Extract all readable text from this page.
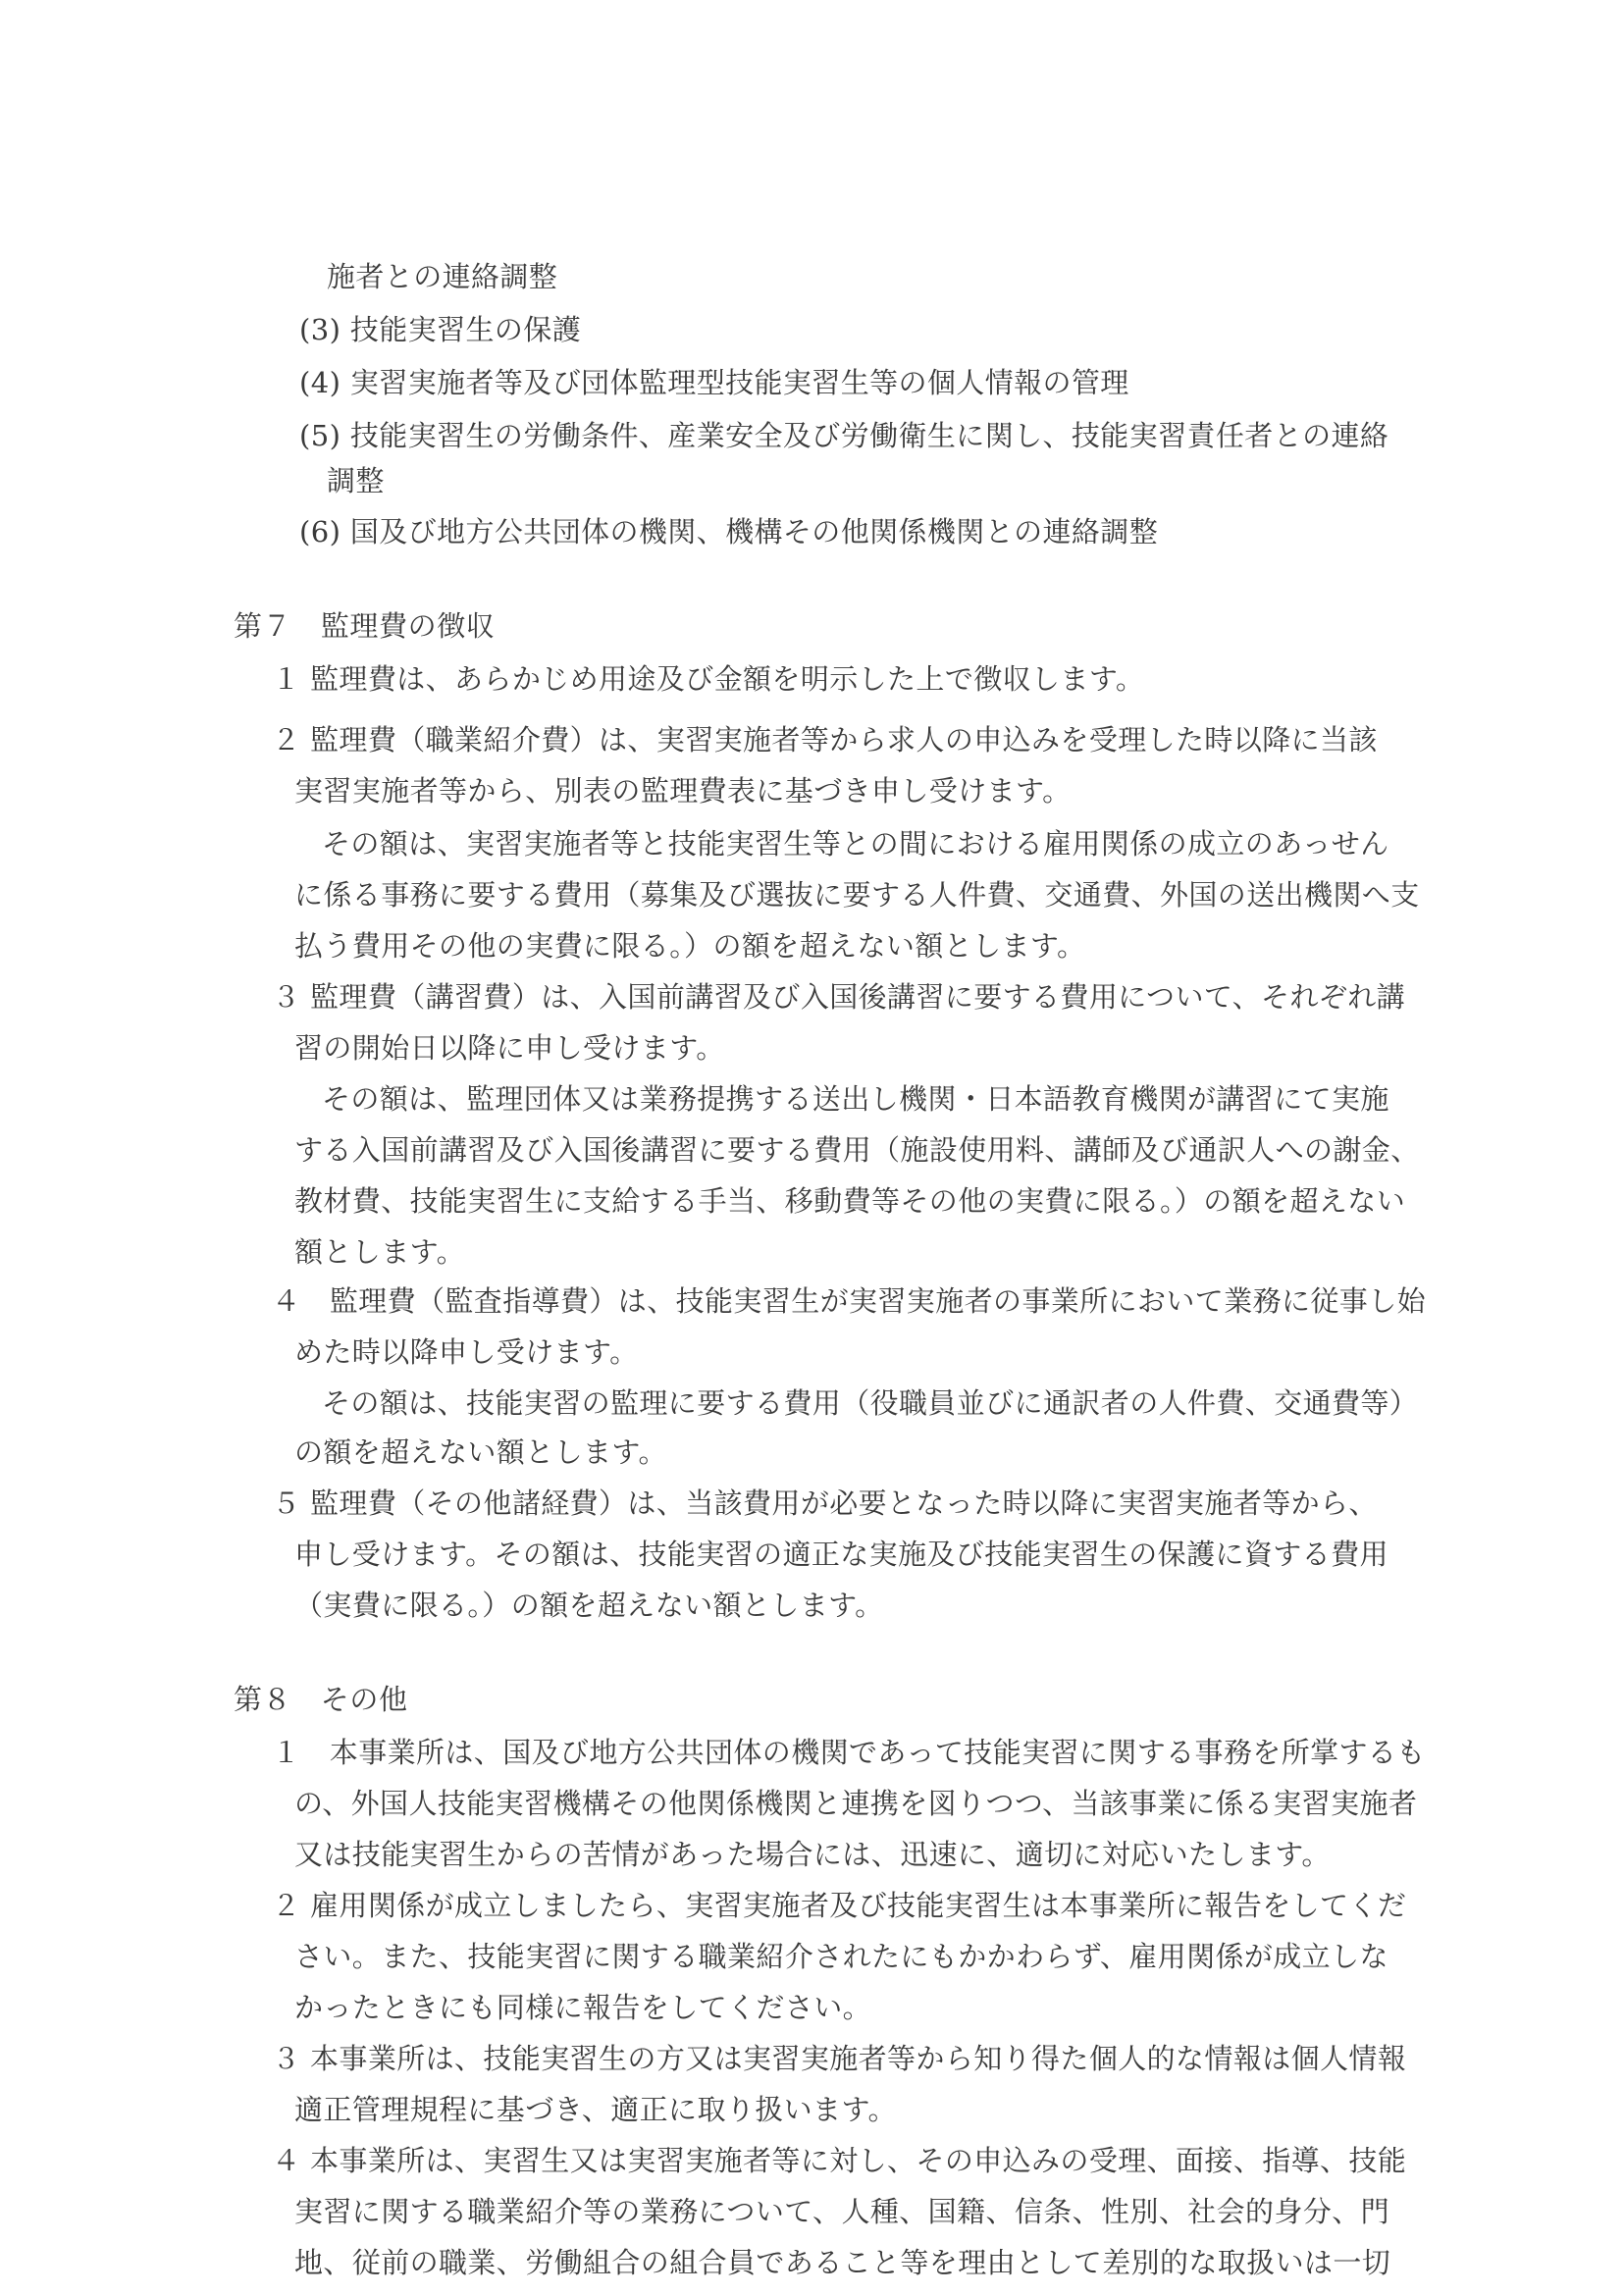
施者との連絡調整
(3) 技能実習生の保護
(4) 実習実施者等及び団体監理型技能実習生等の個人情報の管理
(5) 技能実習生の労働条件、産業安全及び労働衛生に関し、技能実習責任者との連絡
調整
(6) 国及び地方公共団体の機関、機構その他関係機関との連絡調整
第７　監理費の徴収
１ 監理費は、あらかじめ用途及び金額を明示した上で徴収します。
２ 監理費（職業紹介費）は、実習実施者等から求人の申込みを受理した時以降に当該
実習実施者等から、別表の監理費表に基づき申し受けます。
その額は、実習実施者等と技能実習生等との間における雇用関係の成立のあっせん
に係る事務に要する費用（募集及び選抜に要する人件費、交通費、外国の送出機関へ支
払う費用その他の実費に限る。）の額を超えない額とします。
３ 監理費（講習費）は、入国前講習及び入国後講習に要する費用について、それぞれ講
習の開始日以降に申し受けます。
その額は、監理団体又は業務提携する送出し機関・日本語教育機関が講習にて実施
する入国前講習及び入国後講習に要する費用（施設使用料、講師及び通訳人への謝金、
教材費、技能実習生に支給する手当、移動費等その他の実費に限る。）の額を超えない
額とします。
４　監理費（監査指導費）は、技能実習生が実習実施者の事業所において業務に従事し始
めた時以降申し受けます。
その額は、技能実習の監理に要する費用（役職員並びに通訳者の人件費、交通費等）
の額を超えない額とします。
５ 監理費（その他諸経費）は、当該費用が必要となった時以降に実習実施者等から、
申し受けます。その額は、技能実習の適正な実施及び技能実習生の保護に資する費用
（実費に限る。）の額を超えない額とします。
第８　その他
１　本事業所は、国及び地方公共団体の機関であって技能実習に関する事務を所掌するも
の、外国人技能実習機構その他関係機関と連携を図りつつ、当該事業に係る実習実施者
又は技能実習生からの苦情があった場合には、迅速に、適切に対応いたします。
２ 雇用関係が成立しましたら、実習実施者及び技能実習生は本事業所に報告をしてくだ
さい。また、技能実習に関する職業紹介されたにもかかわらず、雇用関係が成立しな
かったときにも同様に報告をしてください。
３ 本事業所は、技能実習生の方又は実習実施者等から知り得た個人的な情報は個人情報
適正管理規程に基づき、適正に取り扱います。
４ 本事業所は、実習生又は実習実施者等に対し、その申込みの受理、面接、指導、技能
実習に関する職業紹介等の業務について、人種、国籍、信条、性別、社会的身分、門
地、従前の職業、労働組合の組合員であること等を理由として差別的な取扱いは一切
